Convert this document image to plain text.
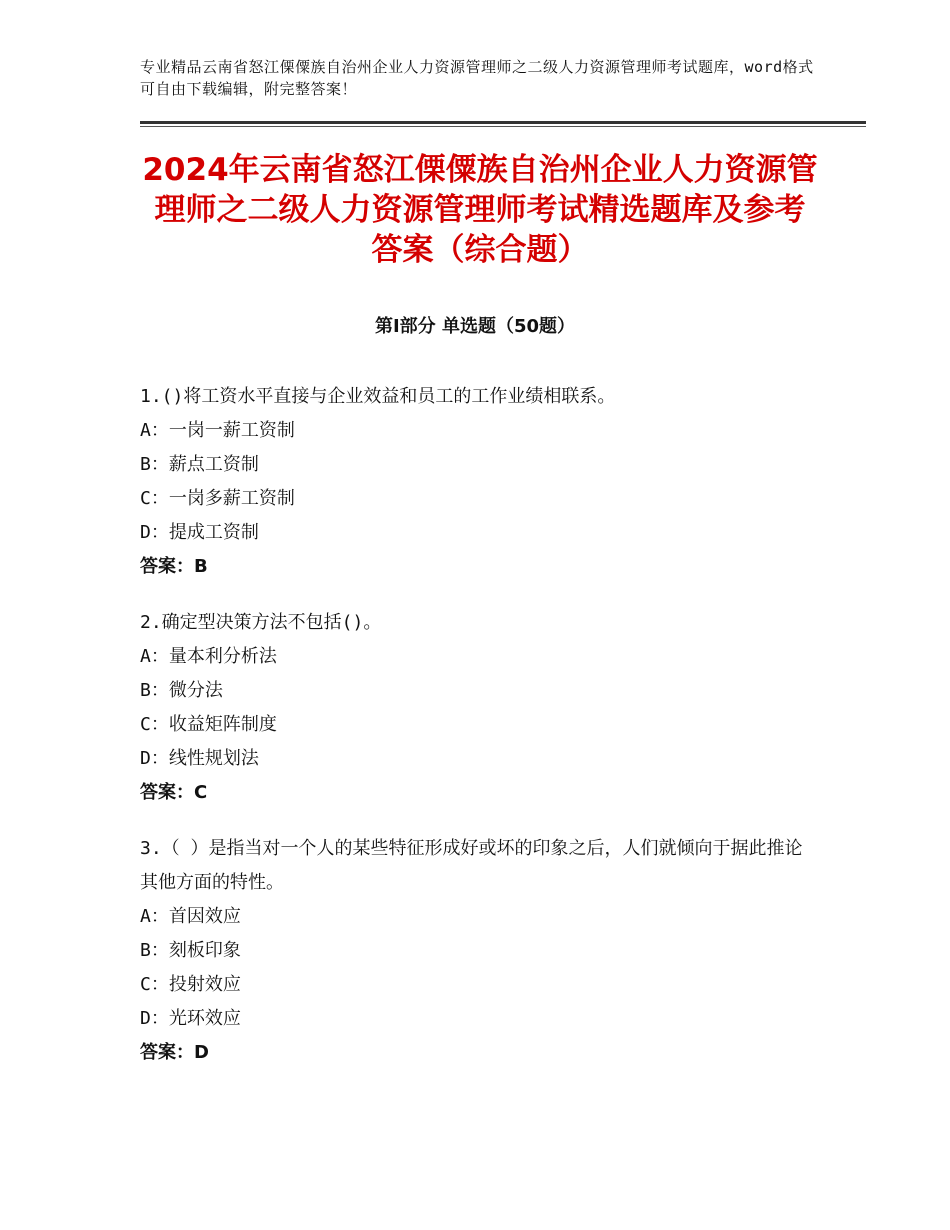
专业精品云南省怒江傈僳族自治州企业人力资源管理师之二级人力资源管理师考试题库，word格式可自由下载编辑，附完整答案！
2024年云南省怒江傈僳族自治州企业人力资源管理师之二级人力资源管理师考试精选题库及参考答案（综合题）
第Ⅰ部分 单选题（50题）
1.()将工资水平直接与企业效益和员工的工作业绩相联系。
A：一岗一薪工资制
B：薪点工资制
C：一岗多薪工资制
D：提成工资制
答案：B
2.确定型决策方法不包括()。
A：量本利分析法
B：微分法
C：收益矩阵制度
D：线性规划法
答案：C
3.（ ）是指当对一个人的某些特征形成好或坏的印象之后，人们就倾向于据此推论其他方面的特性。
A：首因效应
B：刻板印象
C：投射效应
D：光环效应
答案：D
